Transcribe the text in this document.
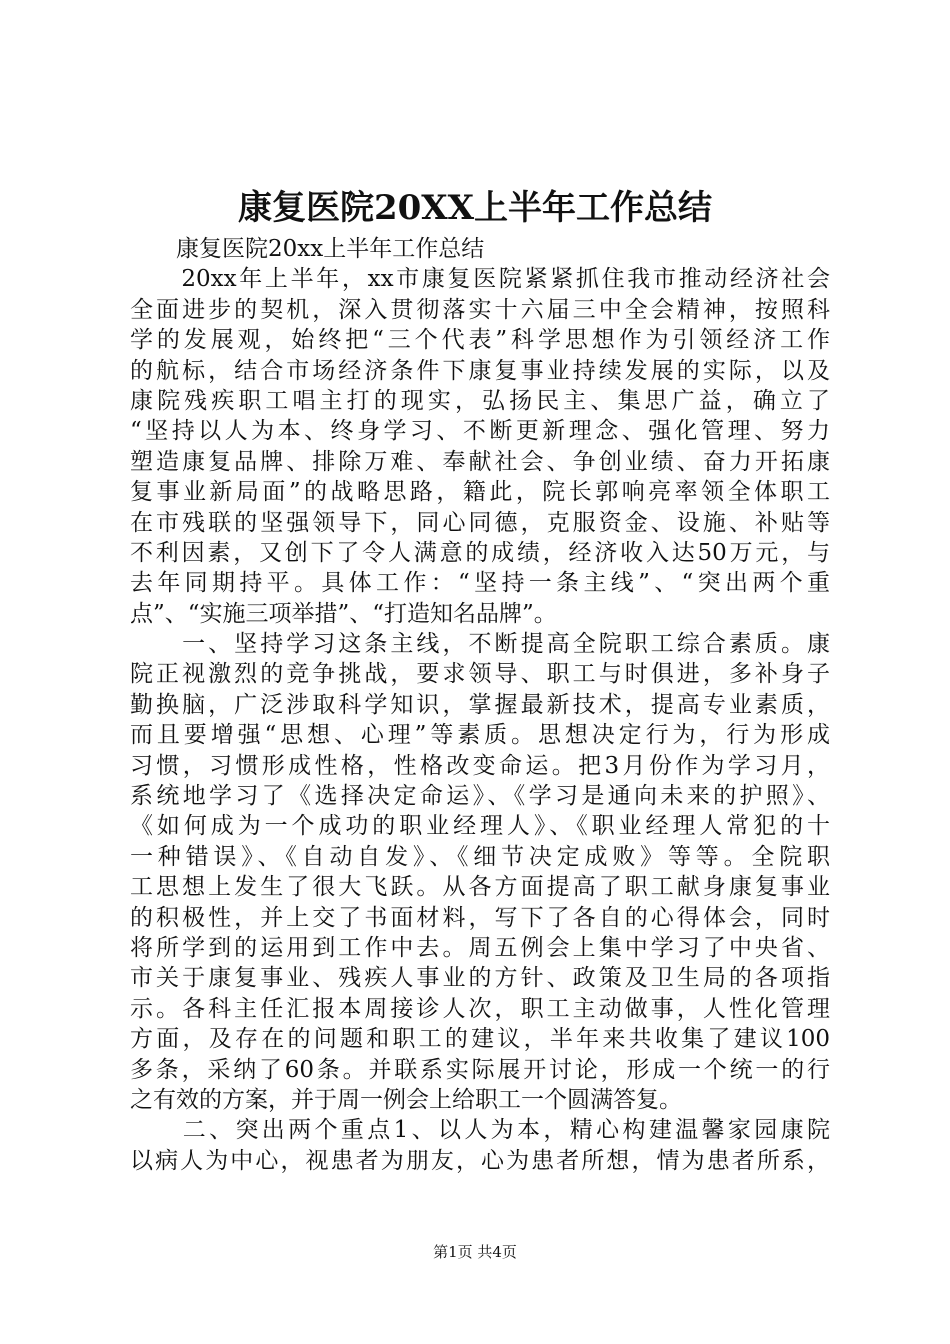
康复医院20XX上半年工作总结
　　康复医院20xx上半年工作总结
　　20xx年上半年，xx市康复医院紧紧抓住我市推动经济社会
全面进步的契机，深入贯彻落实十六届三中全会精神，按照科
学的发展观，始终把“三个代表”科学思想作为引领经济工作
的航标，结合市场经济条件下康复事业持续发展的实际，以及
康院残疾职工唱主打的现实，弘扬民主、集思广益，确立了
“坚持以人为本、终身学习、不断更新理念、强化管理、努力
塑造康复品牌、排除万难、奉献社会、争创业绩、奋力开拓康
复事业新局面”的战略思路，籍此，院长郭响亮率领全体职工
在市残联的坚强领导下，同心同德，克服资金、设施、补贴等
不利因素，又创下了令人满意的成绩，经济收入达50万元，与
去年同期持平。具体工作：“坚持一条主线”、“突出两个重
点”、“实施三项举措”、“打造知名品牌”。
　　一、坚持学习这条主线，不断提高全院职工综合素质。康
院正视激烈的竞争挑战，要求领导、职工与时俱进，多补身子
勤换脑，广泛涉取科学知识，掌握最新技术，提高专业素质，
而且要增强“思想、心理”等素质。思想决定行为，行为形成
习惯，习惯形成性格，性格改变命运。把3月份作为学习月，
系统地学习了《选择决定命运》、《学习是通向未来的护照》、
《如何成为一个成功的职业经理人》、《职业经理人常犯的十
一种错误》、《自动自发》、《细节决定成败》等等。全院职
工思想上发生了很大飞跃。从各方面提高了职工献身康复事业
的积极性，并上交了书面材料，写下了各自的心得体会，同时
将所学到的运用到工作中去。周五例会上集中学习了中央省、
市关于康复事业、残疾人事业的方针、政策及卫生局的各项指
示。各科主任汇报本周接诊人次，职工主动做事，人性化管理
方面，及存在的问题和职工的建议，半年来共收集了建议100
多条，采纳了60条。并联系实际展开讨论，形成一个统一的行
之有效的方案，并于周一例会上给职工一个圆满答复。
　　二、突出两个重点1、以人为本，精心构建温馨家园康院
以病人为中心，视患者为朋友，心为患者所想，情为患者所系，
第1页 共4页
